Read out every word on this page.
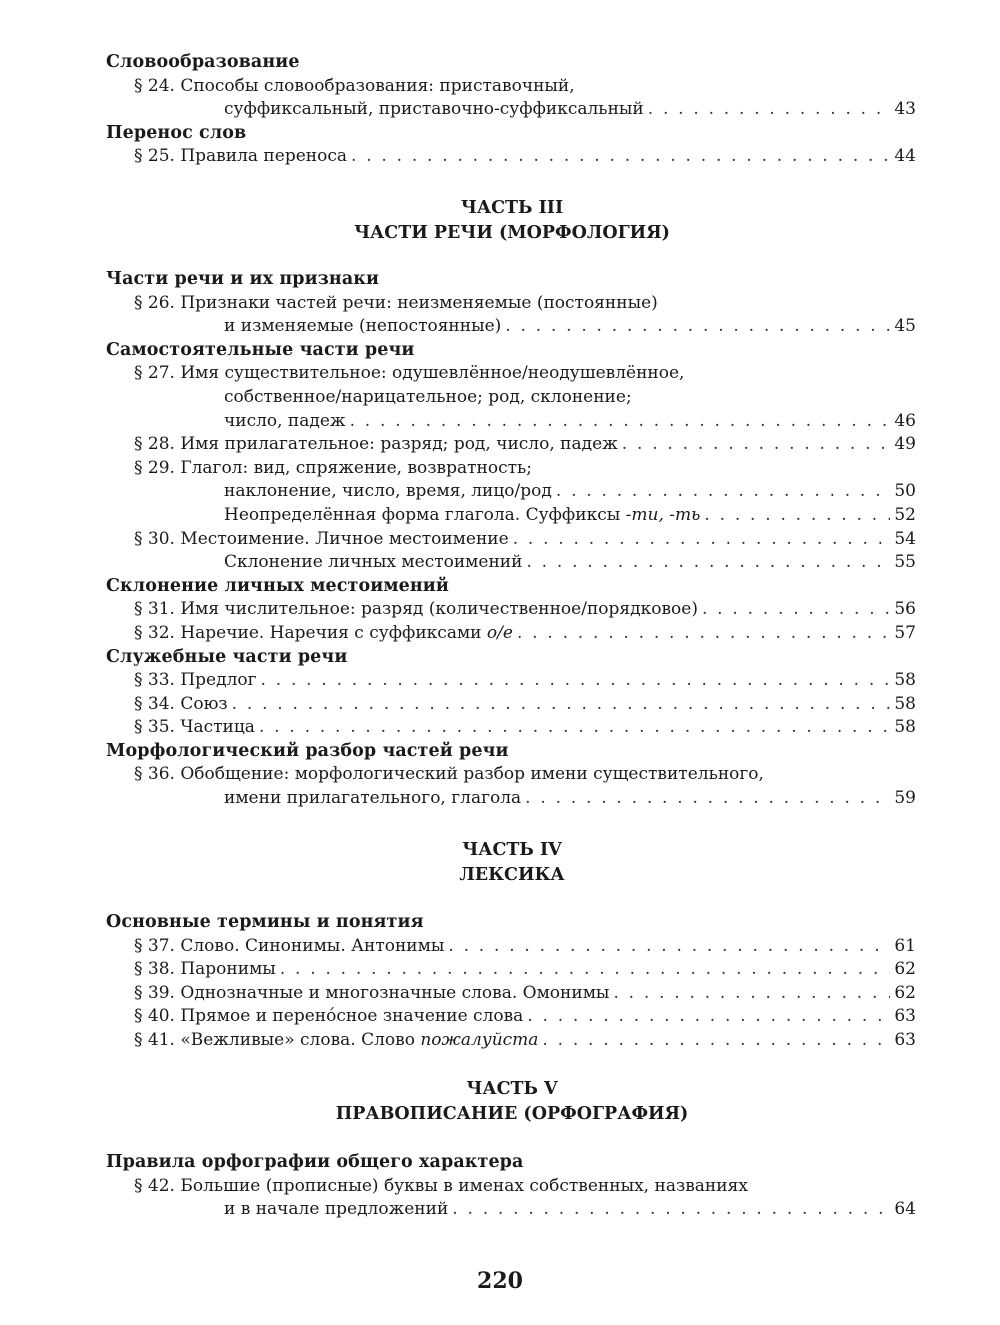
Словообразование
§ 24. Способы словообразования: приставочный,
суффиксальный, приставочно-суффиксальный . . .	43
Перенос слов
§ 25. Правила переноса . . .	44
ЧАСТЬ III
ЧАСТИ РЕЧИ (МОРФОЛОГИЯ)
Части речи и их признаки
§ 26. Признаки частей речи: неизменяемые (постоянные)
и изменяемые (непостоянные) . . .	45
Самостоятельные части речи
§ 27. Имя существительное: одушевлённое/неодушевлённое,
собственное/нарицательное; род, склонение;
число, падеж . . .	46
§ 28. Имя прилагательное: разряд; род, число, падеж . . .	49
§ 29. Глагол: вид, спряжение, возвратность;
наклонение, число, время, лицо/род . . .	50
Неопределённая форма глагола. Суффиксы -ти, -ть . . .	52
§ 30. Местоимение. Личное местоимение . . .	54
Склонение личных местоимений . . .	55
Склонение личных местоимений
§ 31. Имя числительное: разряд (количественное/порядковое) . . .	56
§ 32. Наречие. Наречия с суффиксами о/е . . .	57
Служебные части речи
§ 33. Предлог . . .	58
§ 34. Союз . . .	58
§ 35. Частица . . .	58
Морфологический разбор частей речи
§ 36. Обобщение: морфологический разбор имени существительного,
имени прилагательного, глагола . . .	59
ЧАСТЬ IV
ЛЕКСИКА
Основные термины и понятия
§ 37. Слово. Синонимы. Антонимы . . .	61
§ 38. Паронимы . . .	62
§ 39. Однозначные и многозначные слова. Омонимы . . .	62
§ 40. Прямое и перенóсное значение слова . . .	63
§ 41. «Вежливые» слова. Слово пожалуйста . . .	63
ЧАСТЬ V
ПРАВОПИСАНИЕ (ОРФОГРАФИЯ)
Правила орфографии общего характера
§ 42. Большие (прописные) буквы в именах собственных, названиях
и в начале предложений . . .	64
220
